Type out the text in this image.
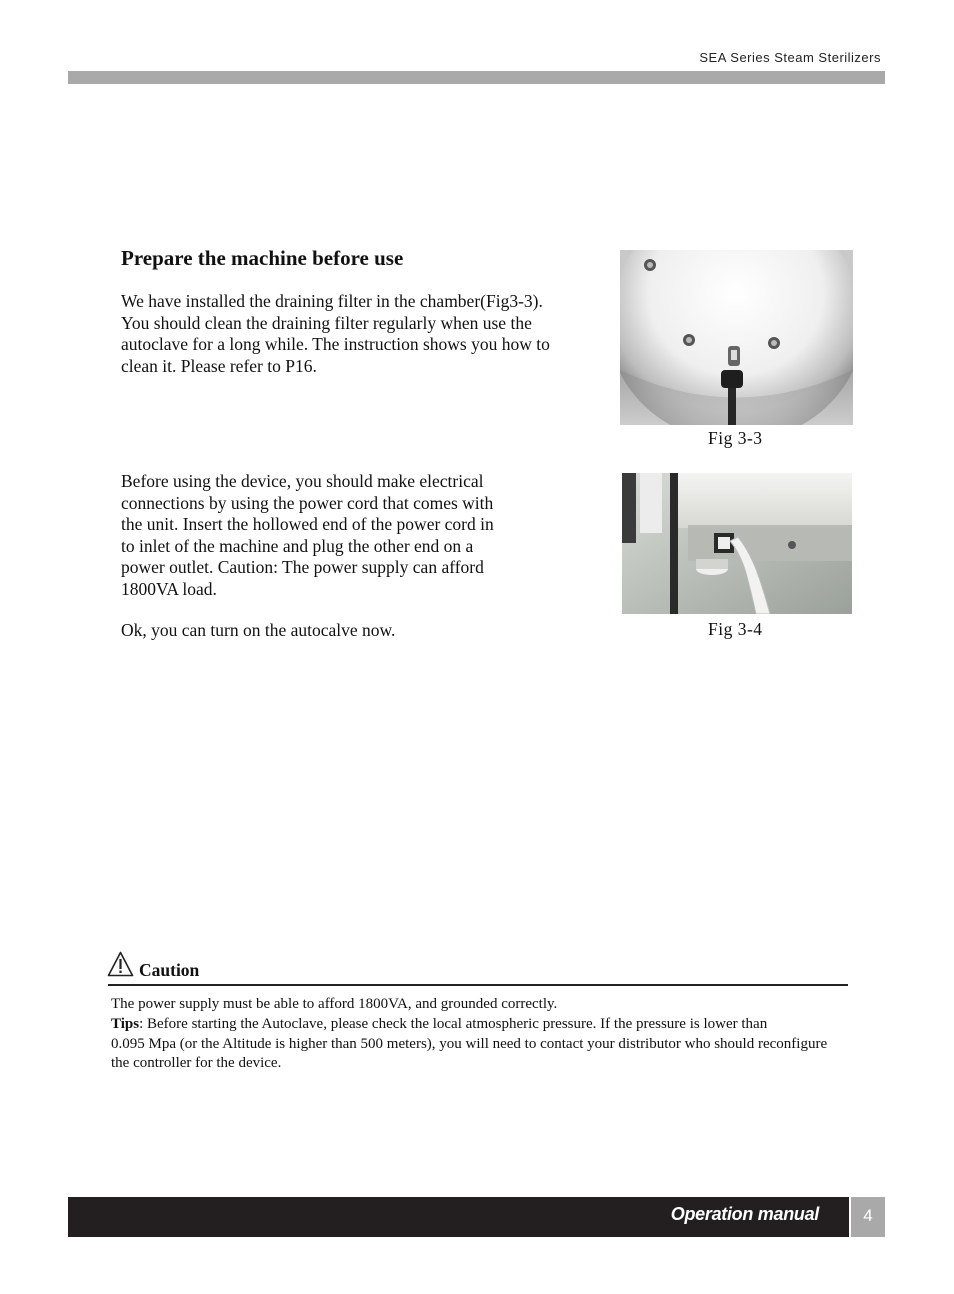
SEA Series Steam Sterilizers
Prepare the machine before use
We have installed the draining filter in the chamber(Fig3-3).
You should clean the draining filter regularly when use the
autoclave for a long while. The instruction shows you how to
clean it. Please refer to P16.
Before using the device, you should make electrical
connections by using the power cord that comes with
the unit. Insert the hollowed end of the power cord in
to inlet of the machine and plug the other end on a
power outlet. Caution: The power supply can afford
1800VA load.
Ok, you can turn on the autocalve now.
Fig 3-3
Fig 3-4
Caution
The power supply must be able to afford 1800VA, and grounded correctly.
Tips: Before starting the Autoclave, please check the local atmospheric pressure. If the pressure is lower than
0.095 Mpa (or the Altitude is higher than 500 meters), you will need to contact your distributor who should reconfigure
the controller for the device.
Operation manual	4
